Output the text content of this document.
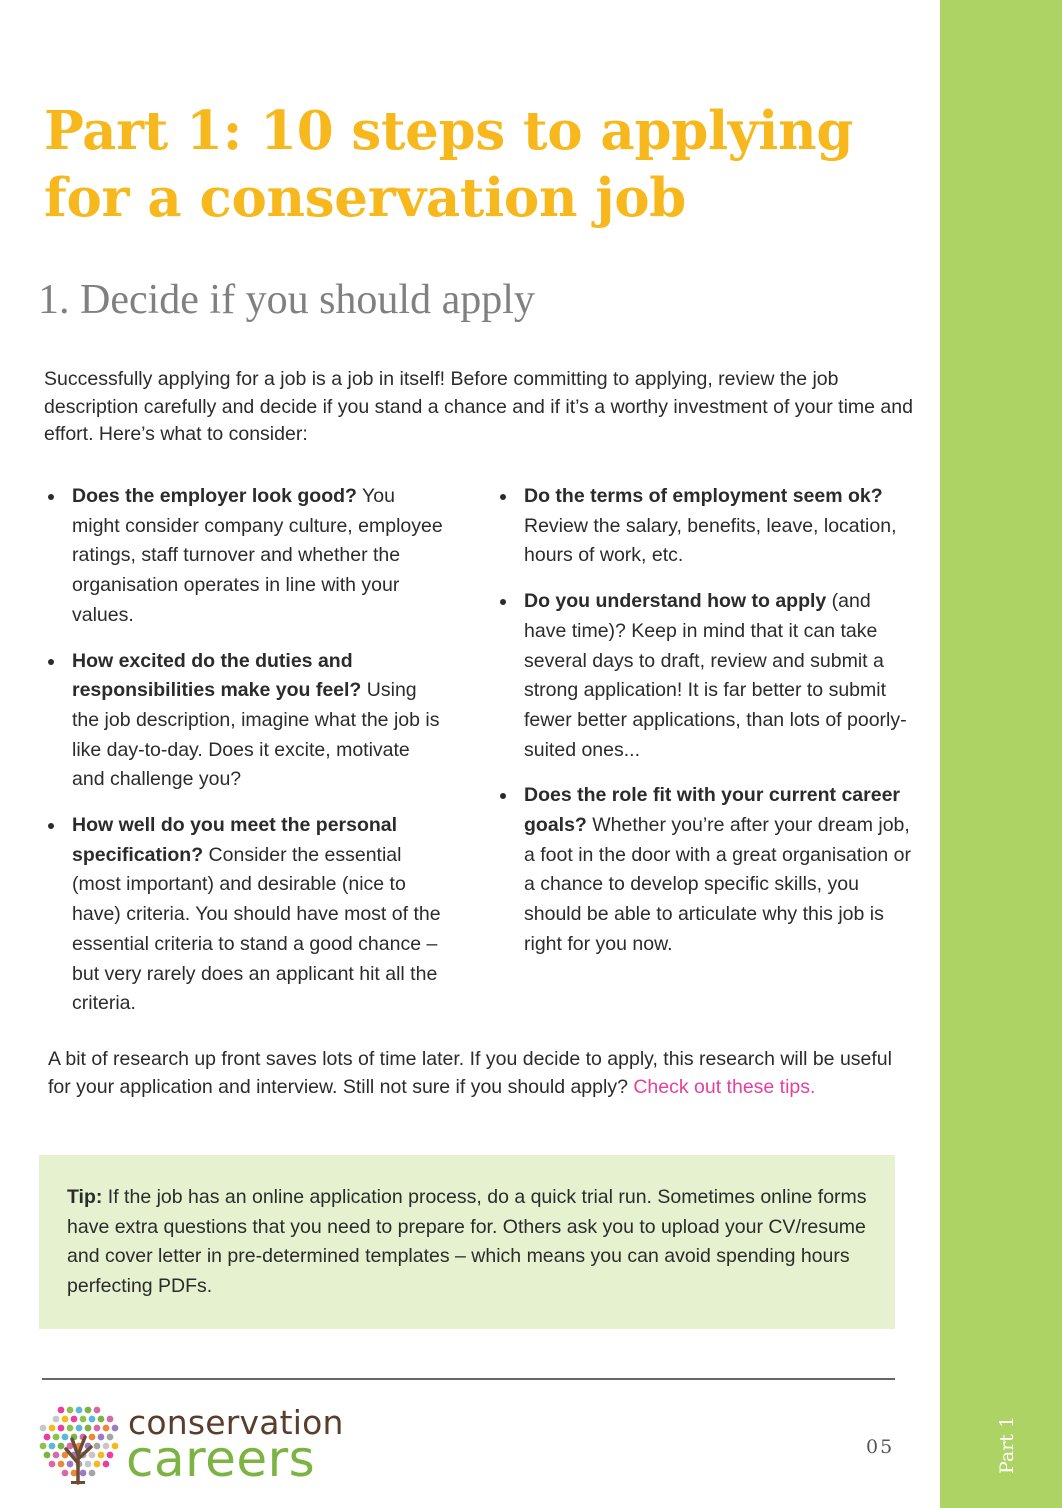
Part 1
Part 1: 10 steps to applying for a conservation job
1. Decide if you should apply

Successfully applying for a job is a job in itself! Before committing to applying, review the job description carefully and decide if you stand a chance and if it’s a worthy investment of your time and effort. Here’s what to consider:

Does the employer look good? You might consider company culture, employee ratings, staff turnover and whether the organisation operates in line with your values.
How excited do the duties and responsibilities make you feel? Using the job description, imagine what the job is like day-to-day. Does it excite, motivate and challenge you?
How well do you meet the personal specification? Consider the essential (most important) and desirable (nice to have) criteria. You should have most of the essential criteria to stand a good chance – but very rarely does an applicant hit all the criteria.
Do the terms of employment seem ok? Review the salary, benefits, leave, location, hours of work, etc.
Do you understand how to apply (and have time)? Keep in mind that it can take several days to draft, review and submit a strong application! It is far better to submit fewer better applications, than lots of poorly-suited ones...
Does the role fit with your current career goals? Whether you’re after your dream job, a foot in the door with a great organisation or a chance to develop specific skills, you should be able to articulate why this job is right for you now.

A bit of research up front saves lots of time later. If you decide to apply, this research will be useful for your application and interview. Still not sure if you should apply? Check out these tips.

Tip: If the job has an online application process, do a quick trial run. Sometimes online forms have extra questions that you need to prepare for. Others ask you to upload your CV/resume and cover letter in pre-determined templates – which means you can avoid spending hours perfecting PDFs.

conservation
careers	05
